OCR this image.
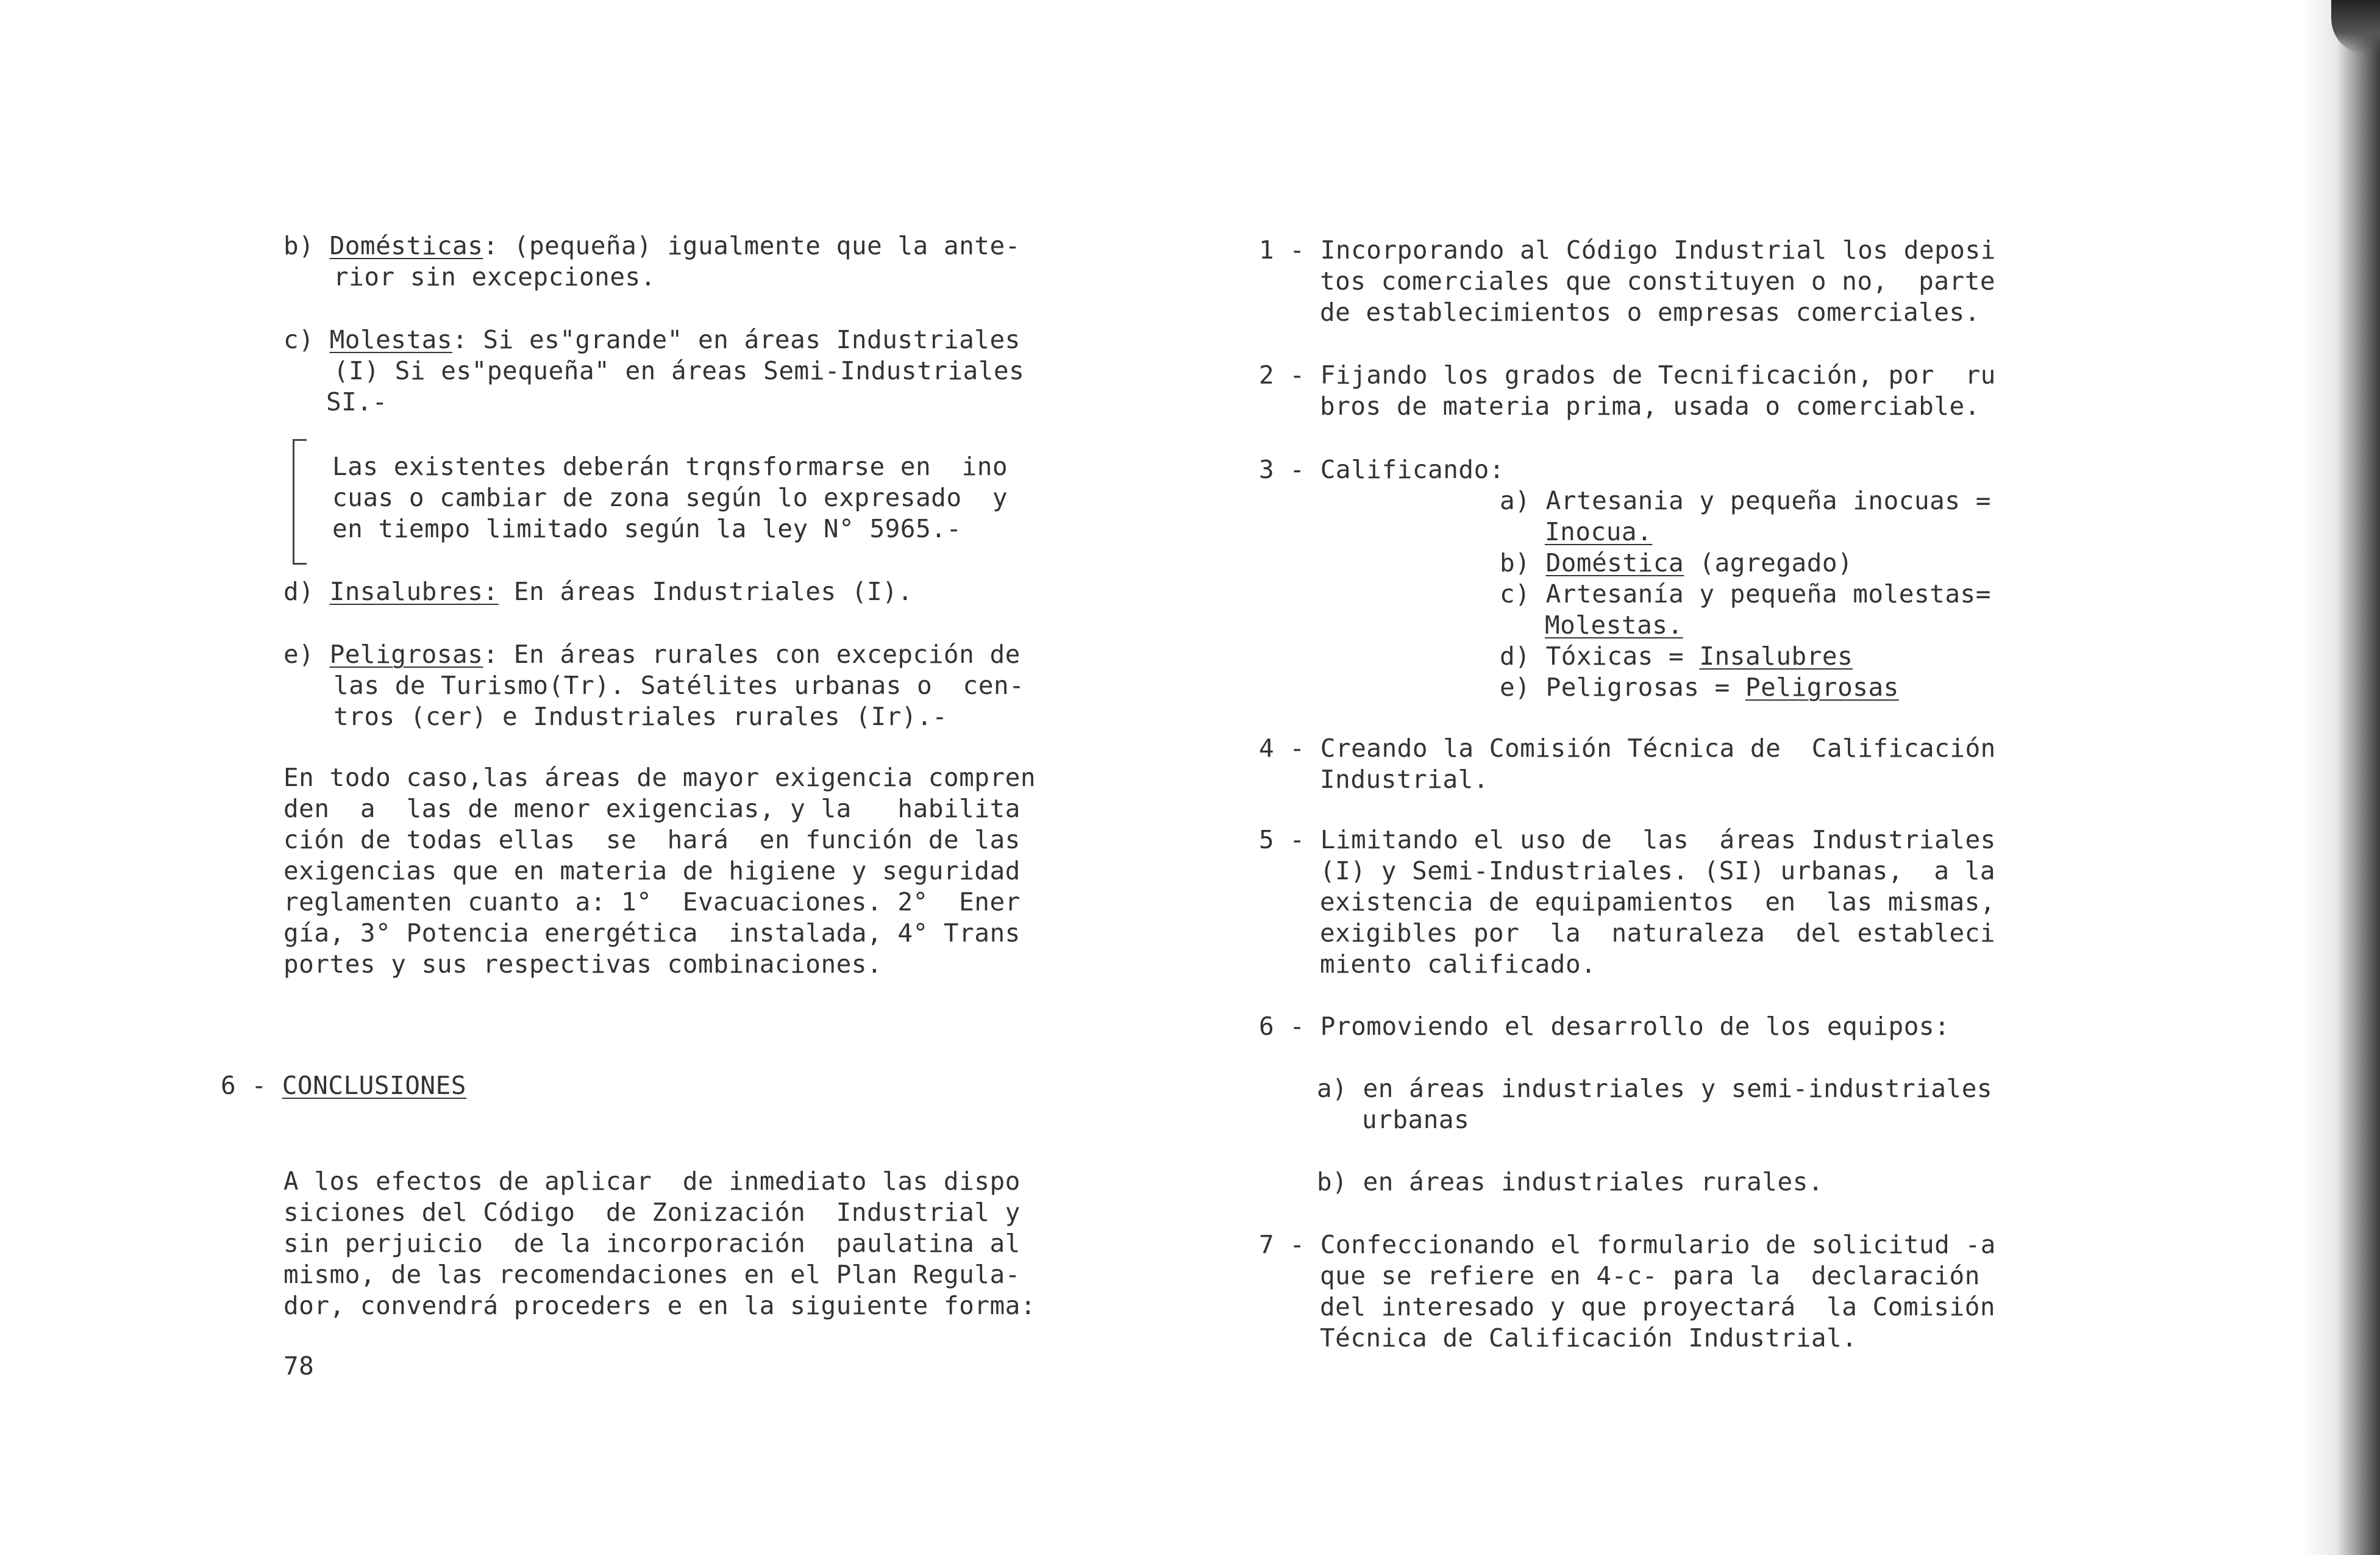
b) Domésticas: (pequeña) igualmente que la ante-

rior sin excepciones.

c) Molestas: Si es"grande" en áreas Industriales

(I) Si es"pequeña" en áreas Semi-Industriales

SI.-

Las existentes deberán trqnsformarse en  ino

cuas o cambiar de zona según lo expresado  y

en tiempo limitado según la ley N° 5965.-

d) Insalubres: En áreas Industriales (I).

e) Peligrosas: En áreas rurales con excepción de

las de Turismo(Tr). Satélites urbanas o  cen-

tros (cer) e Industriales rurales (Ir).-

En todo caso,las áreas de mayor exigencia compren

den  a  las de menor exigencias, y la   habilita

ción de todas ellas  se  hará  en función de las

exigencias que en materia de higiene y seguridad

reglamenten cuanto a: 1°  Evacuaciones. 2°  Ener

gía, 3° Potencia energética  instalada, 4° Trans

portes y sus respectivas combinaciones.

6 - CONCLUSIONES

A los efectos de aplicar  de inmediato las dispo

siciones del Código  de Zonización  Industrial y

sin perjuicio  de la incorporación  paulatina al

mismo, de las recomendaciones en el Plan Regula-

dor, convendrá proceders e en la siguiente forma:

78

1 - Incorporando al Código Industrial los deposi

tos comerciales que constituyen o no,  parte

de establecimientos o empresas comerciales.

2 - Fijando los grados de Tecnificación, por  ru

bros de materia prima, usada o comerciable.

3 - Calificando:

a) Artesania y pequeña inocuas =

Inocua.

b) Doméstica (agregado)

c) Artesanía y pequeña molestas=

Molestas.

d) Tóxicas = Insalubres

e) Peligrosas = Peligrosas

4 - Creando la Comisión Técnica de  Calificación

Industrial.

5 - Limitando el uso de  las  áreas Industriales

(I) y Semi-Industriales. (SI) urbanas,  a la

existencia de equipamientos  en  las mismas,

exigibles por  la  naturaleza  del estableci

miento calificado.

6 - Promoviendo el desarrollo de los equipos:

a) en áreas industriales y semi-industriales

urbanas

b) en áreas industriales rurales.

7 - Confeccionando el formulario de solicitud -a

que se refiere en 4-c- para la  declaración

del interesado y que proyectará  la Comisión

Técnica de Calificación Industrial.
